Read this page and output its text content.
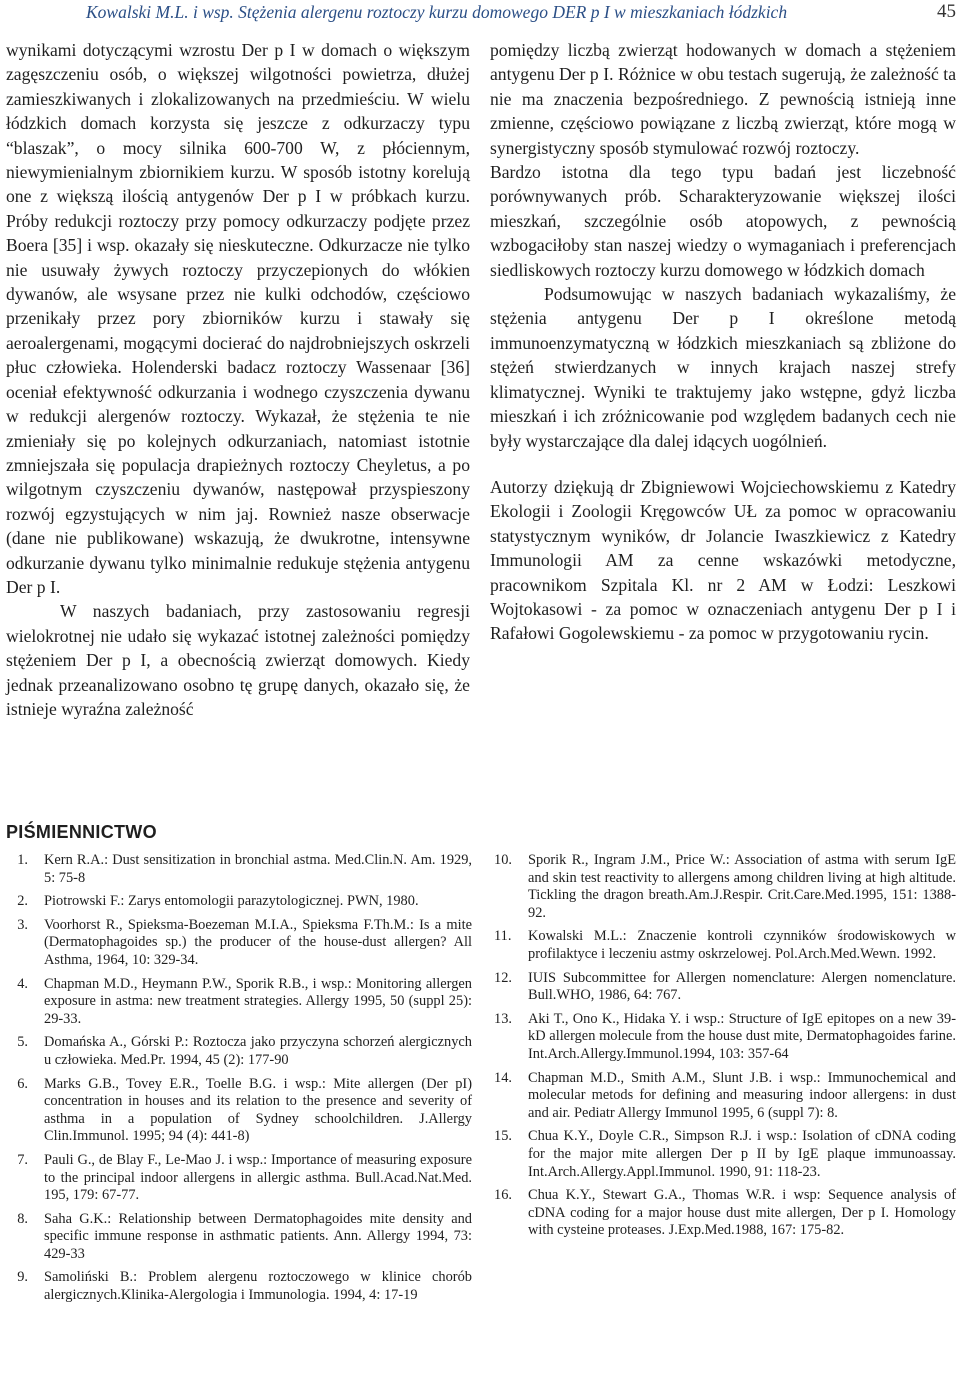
Kowalski M.L. i wsp. Stężenia alergenu roztoczy kurzu domowego DER p I w mieszkaniach łódzkich	45

wynikami dotyczącymi wzrostu Der p I w domach o większym zagęszczeniu osób, o większej wilgotności powietrza, dłużej zamieszkiwanych i zlokalizowanych na przedmieściu. W wielu łódzkich domach korzysta się jeszcze z odkurzaczy typu “blaszak”, o mocy silnika 600-700 W, z płóciennym, niewymienialnym zbiornikiem kurzu. W sposób istotny korelują one z większą ilością antygenów Der p I w próbkach kurzu. Próby redukcji roztoczy przy pomocy odkurzaczy podjęte przez Boera [35] i wsp. okazały się nieskuteczne. Odkurzacze nie tylko nie usuwały żywych roztoczy przyczepionych do włókien dywanów, ale wsysane przez nie kulki odchodów, częściowo przenikały przez pory zbiorników kurzu i stawały się aeroalergenami, mogącymi docierać do najdrobniejszych oskrzeli płuc człowieka. Holenderski badacz roztoczy Wassenaar [36] oceniał efektywność odkurzania i wodnego czyszczenia dywanu w redukcji alergenów roztoczy. Wykazał, że stężenia te nie zmieniały się po kolejnych odkurzaniach, natomiast istotnie zmniejszała się populacja drapieżnych roztoczy Cheyletus, a po wilgotnym czyszczeniu dywanów, następował przyspieszony rozwój egzystujących w nim jaj. Rownież nasze obserwacje (dane nie publikowane) wskazują, że dwukrotne, intensywne odkurzanie dywanu tylko minimalnie redukuje stężenia antygenu Der p I.

W naszych badaniach, przy zastosowaniu regresji wielokrotnej nie udało się wykazać istotnej zależności pomiędzy stężeniem Der p I, a obecnością zwierząt domowych. Kiedy jednak przeanalizowano osobno tę grupę danych, okazało się, że istnieje wyraźna zależność

pomiędzy liczbą zwierząt hodowanych w domach a stężeniem antygenu Der p I. Różnice w obu testach sugerują, że zależność ta nie ma znaczenia bezpośredniego. Z pewnością istnieją inne zmienne, częściowo powiązane z liczbą zwierząt, które mogą w synergistyczny sposób stymulować rozwój roztoczy.

Bardzo istotna dla tego typu badań jest liczebność porównywanych prób. Scharakteryzowanie większej ilości mieszkań, szczególnie osób atopowych, z pewnością wzbogaciłoby stan naszej wiedzy o wymaganiach i preferencjach siedliskowych roztoczy kurzu domowego w łódzkich domach

Podsumowując w naszych badaniach wykazaliśmy, że stężenia antygenu Der p I określone metodą immunoenzymatyczną w łódzkich mieszkaniach są zbliżone do stężeń stwierdzanych w innych krajach naszej strefy klimatycznej. Wyniki te traktujemy jako wstępne, gdyż liczba mieszkań i ich zróżnicowanie pod względem badanych cech nie były wystarczające dla dalej idących uogólnień.

Autorzy dziękują dr Zbigniewowi Wojciechowskiemu z Katedry Ekologii i Zoologii Kręgowców UŁ za pomoc w opracowaniu statystycznym wyników, dr Jolancie Iwaszkiewicz z Katedry Immunologii AM za cenne wskazówki metodyczne, pracownikom Szpitala Kl. nr 2 AM w Łodzi: Leszkowi Wojtokasowi - za pomoc w oznaczeniach antygenu Der p I i Rafałowi Gogolewskiemu - za pomoc w przygotowaniu rycin.

PIŚMIENNICTWO
1. Kern R.A.: Dust sensitization in bronchial astma. Med.Clin.N. Am. 1929, 5: 75-8
2. Piotrowski F.: Zarys entomologii parazytologicznej. PWN, 1980.
3. Voorhorst R., Spieksma-Boezeman M.I.A., Spieksma F.Th.M.: Is a mite (Dermatophagoides sp.) the producer of the house-dust allergen? All Asthma, 1964, 10: 329-34.
4. Chapman M.D., Heymann P.W., Sporik R.B., i wsp.: Monitoring allergen exposure in astma: new treatment strategies. Allergy 1995, 50 (suppl 25): 29-33.
5. Domańska A., Górski P.: Roztocza jako przyczyna schorzeń alergicznych u człowieka. Med.Pr. 1994, 45 (2): 177-90
6. Marks G.B., Tovey E.R., Toelle B.G. i wsp.: Mite allergen (Der pI) concentration in houses and its relation to the presence and severity of asthma in a population of Sydney schoolchildren. J.Allergy Clin.Immunol. 1995; 94 (4): 441-8)
7. Pauli G., de Blay F., Le-Mao J. i wsp.: Importance of measuring exposure to the principal indoor allergens in allergic asthma. Bull.Acad.Nat.Med. 195, 179: 67-77.
8. Saha G.K.: Relationship between Dermatophagoides mite density and specific immune response in asthmatic patients. Ann. Allergy 1994, 73: 429-33
9. Samoliński B.: Problem alergenu roztoczowego w klinice chorób alergicznych.Klinika-Alergologia i Immunologia. 1994, 4: 17-19
10.	Sporik R., Ingram J.M., Price W.: Association of astma with serum IgE and skin test reactivity to allergens among children living at high altitude. Tickling the dragon breath.Am.J.Respir. Crit.Care.Med.1995, 151: 1388-92.
11.	Kowalski M.L.: Znaczenie kontroli czynników środowiskowych w profilaktyce i leczeniu astmy oskrzelowej. Pol.Arch.Med.Wewn. 1992.
12.	IUIS Subcommittee for Allergen nomenclature: Alergen nomenclature. Bull.WHO, 1986, 64: 767.
13.	Aki T., Ono K., Hidaka Y. i wsp.: Structure of IgE epitopes on a new 39-kD allergen molecule from the house dust mite, Dermatophagoides farine. Int.Arch.Allergy.Immunol.1994, 103: 357-64
14.	Chapman M.D., Smith A.M., Slunt J.B. i wsp.: Immunochemical and molecular metods for defining and measuring indoor allergens: in dust and air. Pediatr Allergy Immunol 1995, 6 (suppl 7): 8.
15.	Chua K.Y., Doyle C.R., Simpson R.J. i wsp.: Isolation of cDNA coding for the major mite allergen Der p II by IgE plaque immunoassay. Int.Arch.Allergy.Appl.Immunol. 1990, 91: 118-23.
16.	Chua K.Y., Stewart G.A., Thomas W.R. i wsp: Sequence analysis of cDNA coding for a major house dust mite allergen, Der p I. Homology with cysteine proteases. J.Exp.Med.1988, 167: 175-82.
